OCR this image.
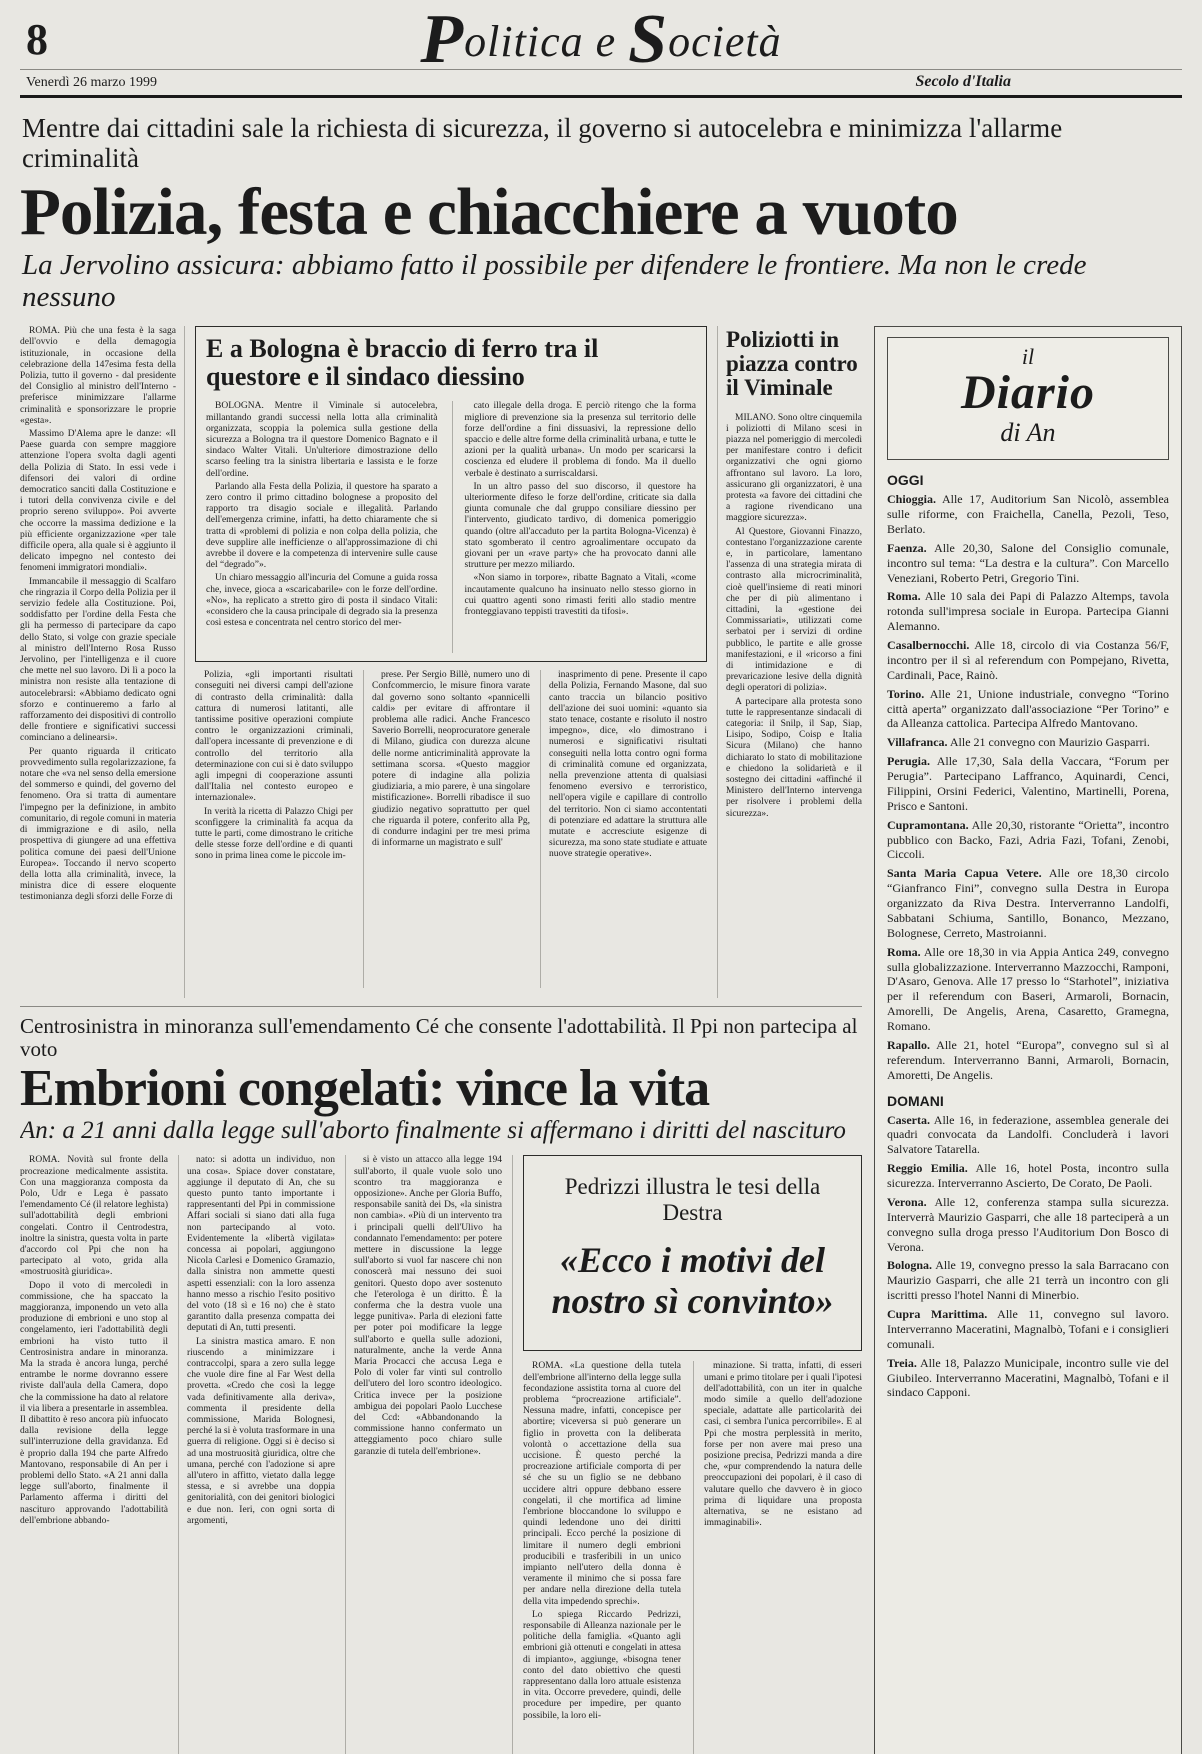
8	Politica e Società
Venerdì 26 marzo 1999	Secolo d'Italia
Mentre dai cittadini sale la richiesta di sicurezza, il governo si autocelebra e minimizza l'allarme criminalità
Polizia, festa e chiacchiere a vuoto
La Jervolino assicura: abbiamo fatto il possibile per difendere le frontiere. Ma non le crede nessuno

ROMA. Più che una festa è la saga dell'ovvio e della demagogia istituzionale, in occasione della celebrazione della 147esima festa della Polizia, tutto il governo - dal presidente del Consiglio al ministro dell'Interno - preferisce minimizzare l'allarme criminalità e sponsorizzare le proprie «gesta».

Massimo D'Alema apre le danze: «Il Paese guarda con sempre maggiore attenzione l'opera svolta dagli agenti della Polizia di Stato. In essi vede i difensori dei valori di ordine democratico sanciti dalla Costituzione e i tutori della convivenza civile e del proprio sereno sviluppo». Poi avverte che occorre la massima dedizione e la più efficiente organizzazione «per tale difficile opera, alla quale si è aggiunto il delicato impegno nel contesto dei fenomeni immigratori mondiali».

Immancabile il messaggio di Scalfaro che ringrazia il Corpo della Polizia per il servizio fedele alla Costituzione. Poi, soddisfatto per l'ordine della Festa che gli ha permesso di partecipare da capo dello Stato, si volge con grazie speciale al ministro dell'Interno Rosa Russo Jervolino, per l'intelligenza e il cuore che mette nel suo lavoro. Di lì a poco la ministra non resiste alla tentazione di autocelebrarsi: «Abbiamo dedicato ogni sforzo e continueremo a farlo al rafforzamento dei dispositivi di controllo delle frontiere e significativi successi cominciano a delinearsi».

Per quanto riguarda il criticato provvedimento sulla regolarizzazione, fa notare che «va nel senso della emersione del sommerso e quindi, del governo del fenomeno. Ora si tratta di aumentare l'impegno per la definizione, in ambito comunitario, di regole comuni in materia di immigrazione e di asilo, nella prospettiva di giungere ad una effettiva politica comune dei paesi dell'Unione Europea». Toccando il nervo scoperto della lotta alla criminalità, invece, la ministra dice di essere eloquente testimonianza degli sforzi delle Forze di

E a Bologna è braccio di ferro tra il questore e il sindaco diessino

BOLOGNA. Mentre il Viminale si autocelebra, millantando grandi successi nella lotta alla criminalità organizzata, scoppia la polemica sulla gestione della sicurezza a Bologna tra il questore Domenico Bagnato e il sindaco Walter Vitali. Un'ulteriore dimostrazione dello scarso feeling tra la sinistra libertaria e lassista e le forze dell'ordine.

Parlando alla Festa della Polizia, il questore ha sparato a zero contro il primo cittadino bolognese a proposito del rapporto tra disagio sociale e illegalità. Parlando dell'emergenza crimine, infatti, ha detto chiaramente che si tratta di «problemi di polizia e non colpa della polizia, che deve supplire alle inefficienze o all'approssimazione di chi avrebbe il dovere e la competenza di intervenire sulle cause del “degrado”».

Un chiaro messaggio all'incuria del Comune a guida rossa che, invece, gioca a «scaricabarile» con le forze dell'ordine. «No», ha replicato a stretto giro di posta il sindaco Vitali: «considero che la causa principale di degrado sia la presenza così estesa e concentrata nel centro storico del mer-

cato illegale della droga. E perciò ritengo che la forma migliore di prevenzione sia la presenza sul territorio delle forze dell'ordine a fini dissuasivi, la repressione dello spaccio e delle altre forme della criminalità urbana, e tutte le azioni per la qualità urbana». Un modo per scaricarsi la coscienza ed eludere il problema di fondo. Ma il duello verbale è destinato a surriscaldarsi.

In un altro passo del suo discorso, il questore ha ulteriormente difeso le forze dell'ordine, criticate sia dalla giunta comunale che dal gruppo consiliare diessino per l'intervento, giudicato tardivo, di domenica pomeriggio quando (oltre all'accaduto per la partita Bologna-Vicenza) è stato sgomberato il centro agroalimentare occupato da giovani per un «rave party» che ha provocato danni alle strutture per mezzo miliardo.

«Non siamo in torpore», ribatte Bagnato a Vitali, «come incautamente qualcuno ha insinuato nello stesso giorno in cui quattro agenti sono rimasti feriti allo stadio mentre fronteggiavano teppisti travestiti da tifosi».

Polizia, «gli importanti risultati conseguiti nei diversi campi dell'azione di contrasto della criminalità: dalla cattura di numerosi latitanti, alle tantissime positive operazioni compiute contro le organizzazioni criminali, dall'opera incessante di prevenzione e di controllo del territorio alla determinazione con cui si è dato sviluppo agli impegni di cooperazione assunti dall'Italia nel contesto europeo e internazionale».

In verità la ricetta di Palazzo Chigi per sconfiggere la criminalità fa acqua da tutte le parti, come dimostrano le critiche delle stesse forze dell'ordine e di quanti sono in prima linea come le piccole im-

prese. Per Sergio Billè, numero uno di Confcommercio, le misure finora varate dal governo sono soltanto «pannicelli caldi» per evitare di affrontare il problema alle radici. Anche Francesco Saverio Borrelli, neoprocuratore generale di Milano, giudica con durezza alcune delle norme anticriminalità approvate la settimana scorsa. «Questo maggior potere di indagine alla polizia giudiziaria, a mio parere, è una singolare mistificazione». Borrelli ribadisce il suo giudizio negativo soprattutto per quel che riguarda il potere, conferito alla Pg, di condurre indagini per tre mesi prima di informarne un magistrato e sull'

inasprimento di pene. Presente il capo della Polizia, Fernando Masone, dal suo canto traccia un bilancio positivo dell'azione dei suoi uomini: «quanto sia stato tenace, costante e risoluto il nostro impegno», dice, «lo dimostrano i numerosi e significativi risultati conseguiti nella lotta contro ogni forma di criminalità comune ed organizzata, nella prevenzione attenta di qualsiasi fenomeno eversivo e terroristico, nell'opera vigile e capillare di controllo del territorio. Non ci siamo accontentati di potenziare ed adattare la struttura alle mutate e accresciute esigenze di sicurezza, ma sono state studiate e attuate nuove strategie operative».

Poliziotti in piazza contro il Viminale

MILANO. Sono oltre cinquemila i poliziotti di Milano scesi in piazza nel pomeriggio di mercoledì per manifestare contro i deficit organizzativi che ogni giorno affrontano sul lavoro. La loro, assicurano gli organizzatori, è una protesta «a favore dei cittadini che a ragione rivendicano una maggiore sicurezza».

Al Questore, Giovanni Finazzo, contestano l'organizzazione carente e, in particolare, lamentano l'assenza di una strategia mirata di contrasto alla microcriminalità, cioè quell'insieme di reati minori che per di più alimentano i cittadini, la «gestione dei Commissariati», utilizzati come serbatoi per i servizi di ordine pubblico, le partite e alle grosse manifestazioni, e il «ricorso a fini di intimidazione e di prevaricazione lesive della dignità degli operatori di polizia».

A partecipare alla protesta sono tutte le rappresentanze sindacali di categoria: il Snilp, il Sap, Siap, Lisipo, Sodipo, Coisp e Italia Sicura (Milano) che hanno dichiarato lo stato di mobilitazione e chiedono la solidarietà e il sostegno dei cittadini «affinché il Ministero dell'Interno intervenga per risolvere i problemi della sicurezza».

Centrosinistra in minoranza sull'emendamento Cé che consente l'adottabilità. Il Ppi non partecipa al voto
Embrioni congelati: vince la vita
An: a 21 anni dalla legge sull'aborto finalmente si affermano i diritti del nascituro

ROMA. Novità sul fronte della procreazione medicalmente assistita. Con una maggioranza composta da Polo, Udr e Lega è passato l'emendamento Cé (il relatore leghista) sull'adottabilità degli embrioni congelati. Contro il Centrodestra, inoltre la sinistra, questa volta in parte d'accordo col Ppi che non ha partecipato al voto, grida alla «mostruosità giuridica».

Dopo il voto di mercoledì in commissione, che ha spaccato la maggioranza, imponendo un veto alla produzione di embrioni e uno stop al congelamento, ieri l'adottabilità degli embrioni ha visto tutto il Centrosinistra andare in minoranza. Ma la strada è ancora lunga, perché entrambe le norme dovranno essere riviste dall'aula della Camera, dopo che la commissione ha dato al relatore il via libera a presentarle in assemblea. Il dibattito è reso ancora più infuocato dalla revisione della legge sull'interruzione della gravidanza. Ed è proprio dalla 194 che parte Alfredo Mantovano, responsabile di An per i problemi dello Stato. «A 21 anni dalla legge sull'aborto, finalmente il Parlamento afferma i diritti del nascituro approvando l'adottabilità dell'embrione abbando-

nato: si adotta un individuo, non una cosa». Spiace dover constatare, aggiunge il deputato di An, che su questo punto tanto importante i rappresentanti del Ppi in commissione Affari sociali si siano dati alla fuga non partecipando al voto. Evidentemente la «libertà vigilata» concessa ai popolari, aggiungono Nicola Carlesi e Domenico Gramazio, dalla sinistra non ammette questi aspetti essenziali: con la loro assenza hanno messo a rischio l'esito positivo del voto (18 sì e 16 no) che è stato garantito dalla presenza compatta dei deputati di An, tutti presenti.

La sinistra mastica amaro. E non riuscendo a minimizzare i contraccolpi, spara a zero sulla legge che vuole dire fine al Far West della provetta. «Credo che così la legge vada definitivamente alla deriva», commenta il presidente della commissione, Marida Bolognesi, perché la si è voluta trasformare in una guerra di religione. Oggi si è deciso sì ad una mostruosità giuridica, oltre che umana, perché con l'adozione si apre all'utero in affitto, vietato dalla legge stessa, e si avrebbe una doppia genitorialità, con dei genitori biologici e due non. Ieri, con ogni sorta di argomenti,

si è visto un attacco alla legge 194 sull'aborto, il quale vuole solo uno scontro tra maggioranza e opposizione». Anche per Gloria Buffo, responsabile sanità dei Ds, «la sinistra non cambia». «Più di un intervento tra i principali quelli dell'Ulivo ha condannato l'emendamento: per potere mettere in discussione la legge sull'aborto si vuol far nascere chi non conoscerà mai nessuno dei suoi genitori. Questo dopo aver sostenuto che l'eterologa è un diritto. È la conferma che la destra vuole una legge punitiva». Parla di elezioni fatte per poter poi modificare la legge sull'aborto e quella sulle adozioni, naturalmente, anche la verde Anna Maria Procacci che accusa Lega e Polo di voler far vinti sul controllo dell'utero del loro scontro ideologico. Critica invece per la posizione ambigua dei popolari Paolo Lucchese del Ccd: «Abbandonando la commissione hanno confermato un atteggiamento poco chiaro sulle garanzie di tutela dell'embrione».

Pedrizzi illustra le tesi della Destra
«Ecco i motivi del nostro sì convinto»

ROMA. «La questione della tutela dell'embrione all'interno della legge sulla fecondazione assistita torna al cuore del problema “procreazione artificiale”. Nessuna madre, infatti, concepisce per abortire; viceversa si può generare un figlio in provetta con la deliberata volontà o accettazione della sua uccisione. È questo perché la procreazione artificiale comporta di per sé che su un figlio se ne debbano uccidere altri oppure debbano essere congelati, il che mortifica ad limine l'embrione bloccandone lo sviluppo e quindi ledendone uno dei diritti principali. Ecco perché la posizione di limitare il numero degli embrioni producibili e trasferibili in un unico impianto nell'utero della donna è veramente il minimo che si possa fare per andare nella direzione della tutela della vita impedendo sprechi».

Lo spiega Riccardo Pedrizzi, responsabile di Alleanza nazionale per le politiche della famiglia. «Quanto agli embrioni già ottenuti e congelati in attesa di impianto», aggiunge, «bisogna tener conto del dato obiettivo che questi rappresentano dalla loro attuale esistenza in vita. Occorre prevedere, quindi, delle procedure per impedire, per quanto possibile, la loro eli-

minazione. Si tratta, infatti, di esseri umani e primo titolare per i quali l'ipotesi dell'adottabilità, con un iter in qualche modo simile a quello dell'adozione speciale, adattate alle particolarità dei casi, ci sembra l'unica percorribile». E al Ppi che mostra perplessità in merito, forse per non avere mai preso una posizione precisa, Pedrizzi manda a dire che, «pur comprendendo la natura delle preoccupazioni dei popolari, è il caso di valutare quello che davvero è in gioco prima di liquidare una proposta alternativa, se ne esistano ad immaginabili».

il
Diario
di An
OGGI

Chioggia. Alle 17, Auditorium San Nicolò, assemblea sulle riforme, con Fraichella, Canella, Pezoli, Teso, Berlato.

Faenza. Alle 20,30, Salone del Consiglio comunale, incontro sul tema: “La destra e la cultura”. Con Marcello Veneziani, Roberto Petri, Gregorio Tini.

Roma. Alle 10 sala dei Papi di Palazzo Altemps, tavola rotonda sull'impresa sociale in Europa. Partecipa Gianni Alemanno.

Casalbernocchi. Alle 18, circolo di via Costanza 56/F, incontro per il sì al referendum con Pompejano, Rivetta, Cardinali, Pace, Rainò.

Torino. Alle 21, Unione industriale, convegno “Torino città aperta” organizzato dall'associazione “Per Torino” e da Alleanza cattolica. Partecipa Alfredo Mantovano.

Villafranca. Alle 21 convegno con Maurizio Gasparri.

Perugia. Alle 17,30, Sala della Vaccara, “Forum per Perugia”. Partecipano Laffranco, Aquinardi, Cenci, Filippini, Orsini Federici, Valentino, Martinelli, Porena, Prisco e Santoni.

Cupramontana. Alle 20,30, ristorante “Orietta”, incontro pubblico con Backo, Fazi, Adria Fazi, Tofani, Zenobi, Ciccoli.

Santa Maria Capua Vetere. Alle ore 18,30 circolo “Gianfranco Fini”, convegno sulla Destra in Europa organizzato da Riva Destra. Interverranno Landolfi, Sabbatani Schiuma, Santillo, Bonanco, Mezzano, Bolognese, Cerreto, Mastroianni.

Roma. Alle ore 18,30 in via Appia Antica 249, convegno sulla globalizzazione. Interverranno Mazzocchi, Ramponi, D'Asaro, Genova. Alle 17 presso lo “Starhotel”, iniziativa per il referendum con Baseri, Armaroli, Bornacin, Amorelli, De Angelis, Arena, Casaretto, Gramegna, Romano.

Rapallo. Alle 21, hotel “Europa”, convegno sul sì al referendum. Interverranno Banni, Armaroli, Bornacin, Amoretti, De Angelis.

DOMANI

Caserta. Alle 16, in federazione, assemblea generale dei quadri convocata da Landolfi. Concluderà i lavori Salvatore Tatarella.

Reggio Emilia. Alle 16, hotel Posta, incontro sulla sicurezza. Interverranno Ascierto, De Corato, De Paoli.

Verona. Alle 12, conferenza stampa sulla sicurezza. Interverrà Maurizio Gasparri, che alle 18 parteciperà a un convegno sulla droga presso l'Auditorium Don Bosco di Verona.

Bologna. Alle 19, convegno presso la sala Barracano con Maurizio Gasparri, che alle 21 terrà un incontro con gli iscritti presso l'hotel Nanni di Minerbio.

Cupra Marittima. Alle 11, convegno sul lavoro. Interverranno Maceratini, Magnalbò, Tofani e i consiglieri comunali.

Treia. Alle 18, Palazzo Municipale, incontro sulle vie del Giubileo. Interverranno Maceratini, Magnalbò, Tofani e il sindaco Capponi.
